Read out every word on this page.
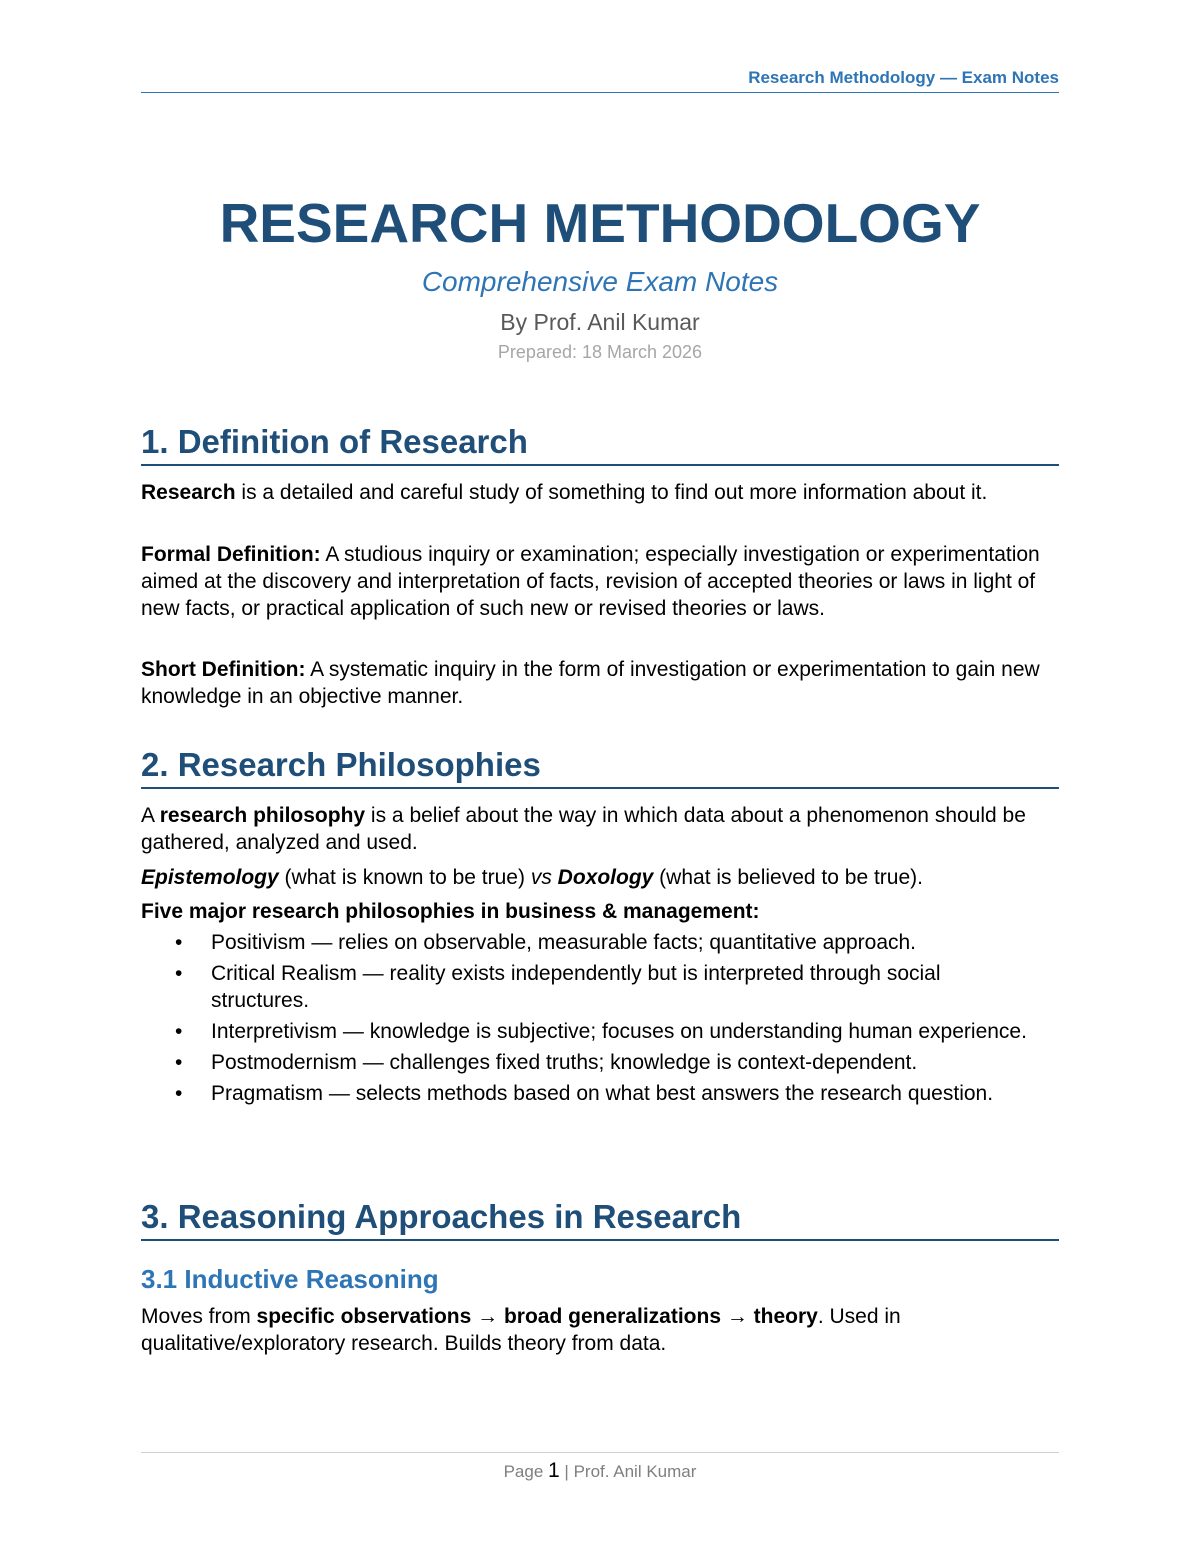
Research Methodology — Exam Notes
RESEARCH METHODOLOGY
Comprehensive Exam Notes
By Prof. Anil Kumar
Prepared: 18 March 2026
1. Definition of Research

Research is a detailed and careful study of something to find out more information about it.

Formal Definition: A studious inquiry or examination; especially investigation or experimentation aimed at the discovery and interpretation of facts, revision of accepted theories or laws in light of new facts, or practical application of such new or revised theories or laws.

Short Definition: A systematic inquiry in the form of investigation or experimentation to gain new knowledge in an objective manner.

2. Research Philosophies

A research philosophy is a belief about the way in which data about a phenomenon should be gathered, analyzed and used.

Epistemology (what is known to be true) vs Doxology (what is believed to be true).

Five major research philosophies in business & management:

• Positivism — relies on observable, measurable facts; quantitative approach.
• Critical Realism — reality exists independently but is interpreted through social structures.
• Interpretivism — knowledge is subjective; focuses on understanding human experience.
• Postmodernism — challenges fixed truths; knowledge is context-dependent.
• Pragmatism — selects methods based on what best answers the research question.
3. Reasoning Approaches in Research
3.1 Inductive Reasoning

Moves from specific observations → broad generalizations → theory. Used in qualitative/exploratory research. Builds theory from data.

Page 1 | Prof. Anil Kumar
